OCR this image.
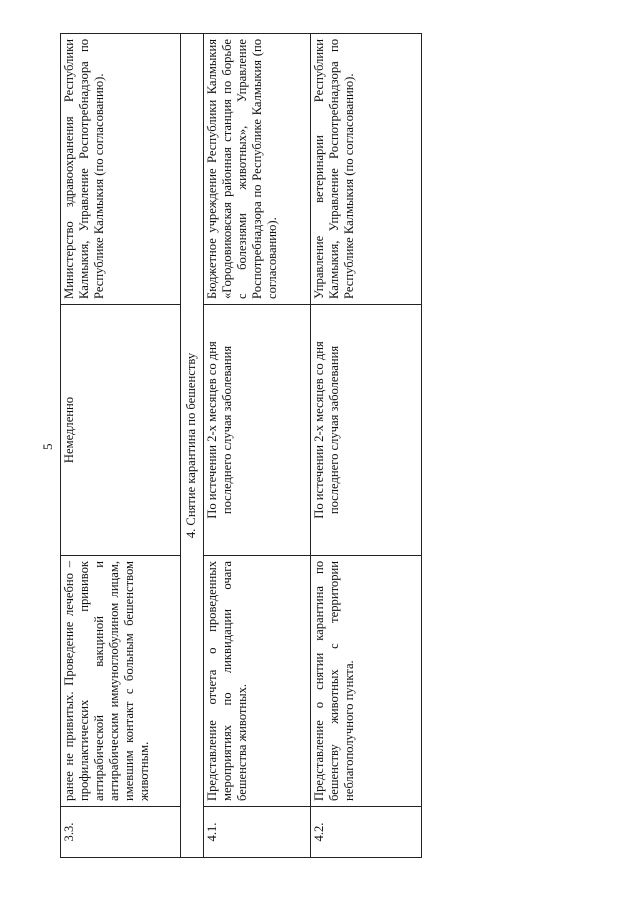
5
3.3.	ранее не привитых. Проведение лечебно – профилактических прививок антирабической вакциной и антирабическим иммуноглобулином лицам, имевшим контакт с больным бешенством животным.	Немедленно	Министерство здравоохранения Республики Калмыкия, Управление Роспотребнадзора по Республике Калмыкия (по согласованию).
4. Снятие карантина по бешенству			
4.1.	Представление отчета о проведенных мероприятиях по ликвидации очага бешенства животных.	По истечении 2-х месяцев со дня последнего случая заболевания	Бюджетное учреждение Республики Калмыкия «Городовиковская районная станция по борьбе с болезнями животных», Управление Роспотребнадзора по Республике Калмыкия (по согласованию).
4.2.	Представление о снятии карантина по бешенству животных с территории неблагополучного пункта.	По истечении 2-х месяцев со дня последнего случая заболевания	Управление ветеринарии Республики Калмыкия, Управление Роспотребнадзора по Республике Калмыкия (по согласованию).
